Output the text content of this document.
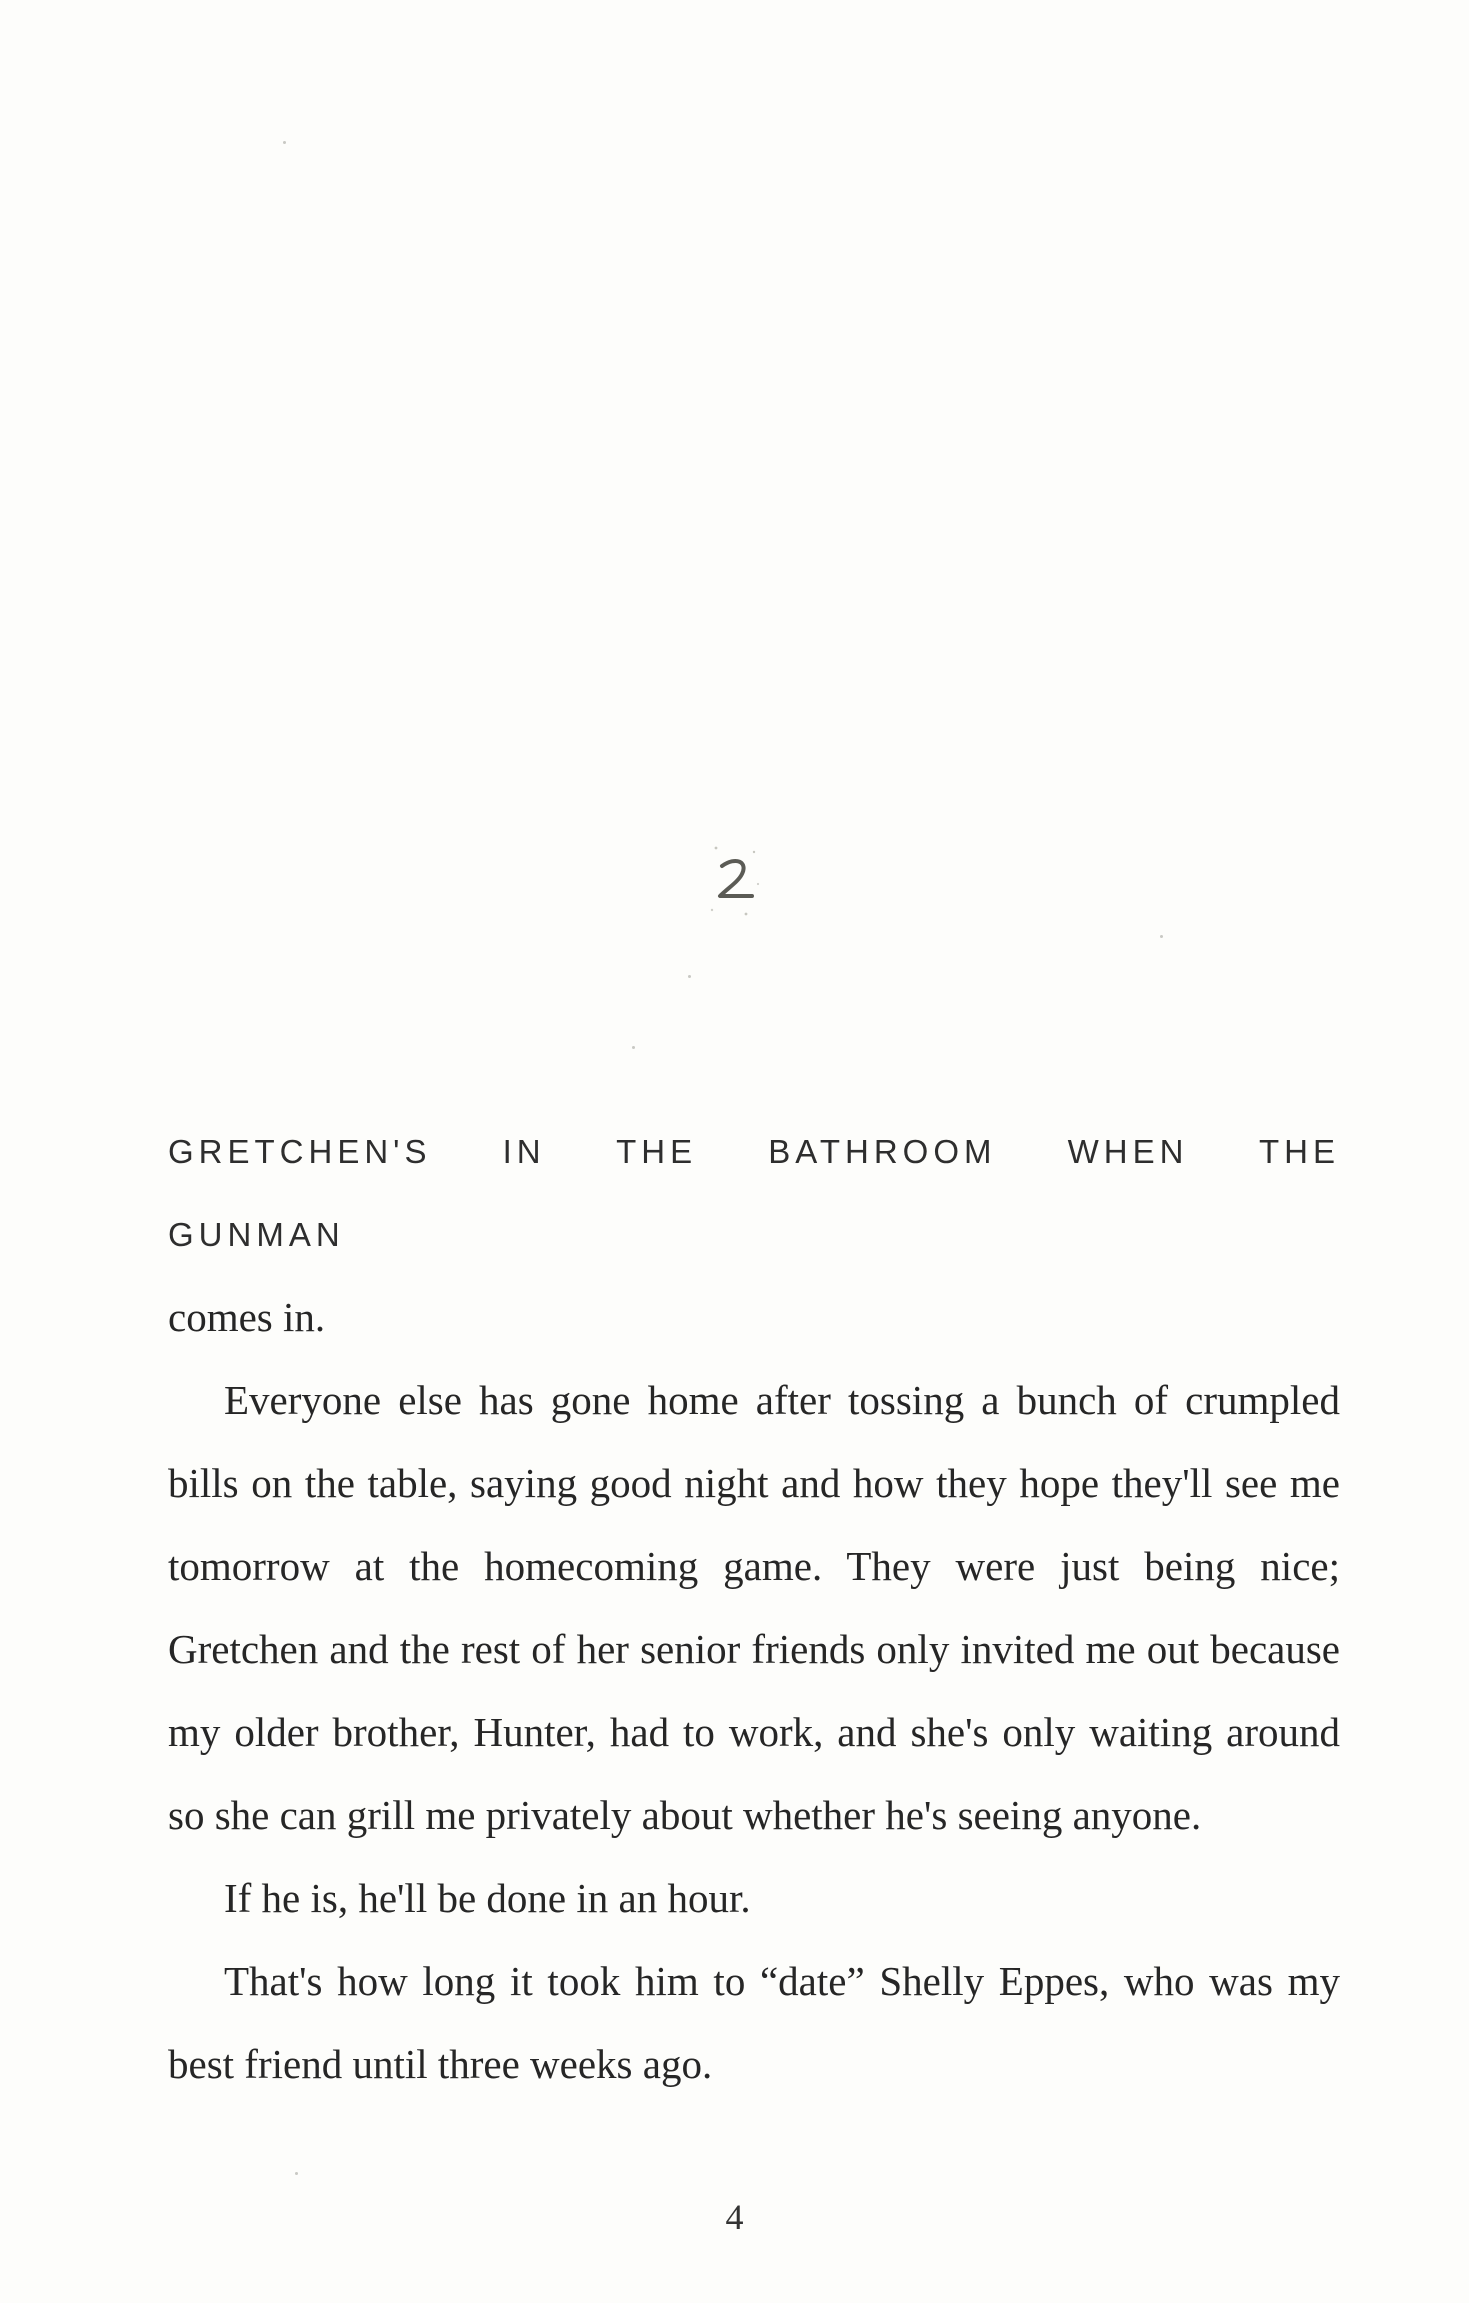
GRETCHEN'S IN THE BATHROOM WHEN THE GUNMAN
comes in.

Everyone else has gone home after tossing a bunch of crumpled bills on the table, saying good night and how they hope they'll see me tomorrow at the homecoming game. They were just being nice; Gretchen and the rest of her senior friends only invited me out because my older brother, Hunter, had to work, and she's only waiting around so she can grill me privately about whether he's seeing anyone.

If he is, he'll be done in an hour.

That's how long it took him to “date” Shelly Eppes, who was my best friend until three weeks ago.

4
